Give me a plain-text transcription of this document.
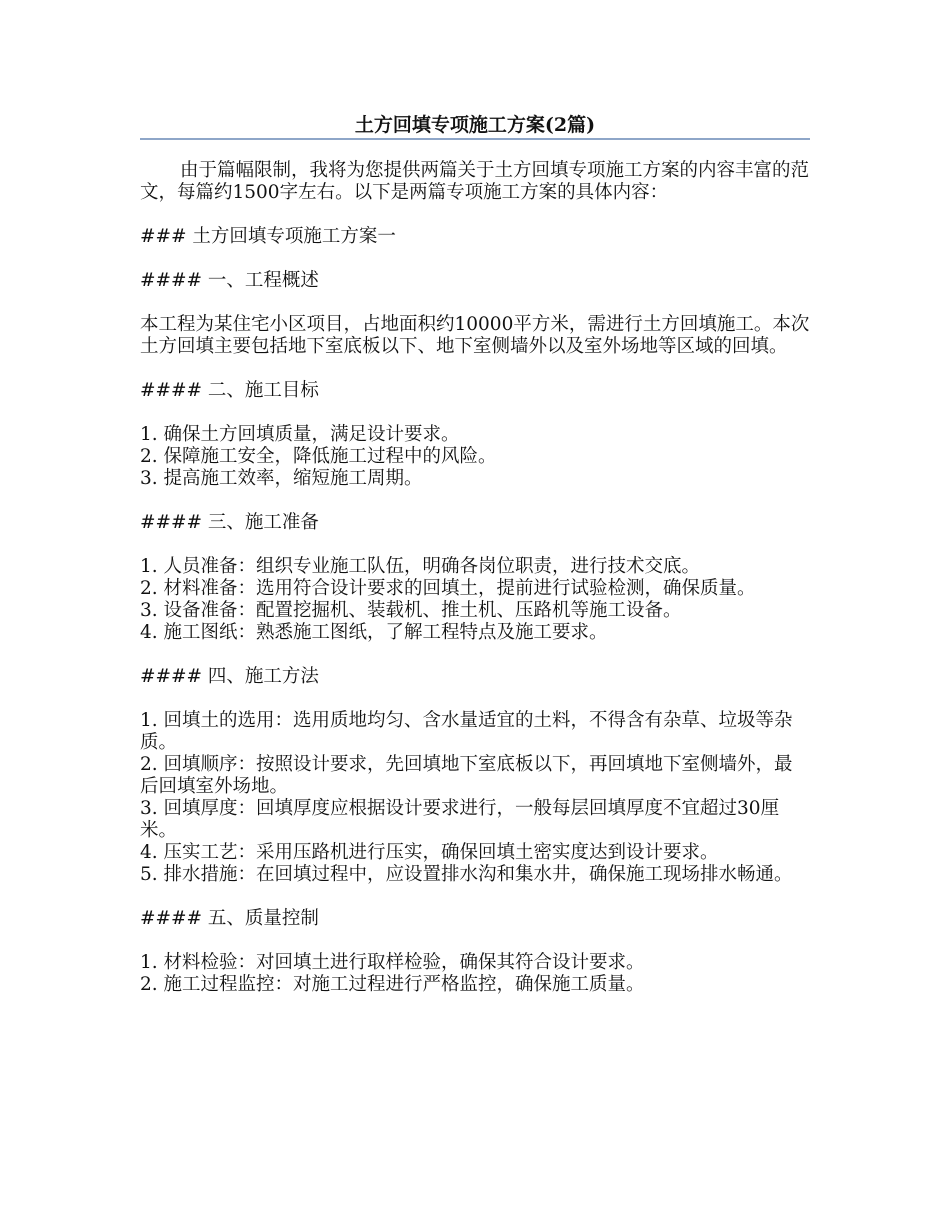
土方回填专项施工方案(2篇)

由于篇幅限制，我将为您提供两篇关于土方回填专项施工方案的内容丰富的范文，每篇约1500字左右。以下是两篇专项施工方案的具体内容：

### 土方回填专项施工方案一

#### 一、工程概述

本工程为某住宅小区项目，占地面积约10000平方米，需进行土方回填施工。本次土方回填主要包括地下室底板以下、地下室侧墙外以及室外场地等区域的回填。

#### 二、施工目标

1. 确保土方回填质量，满足设计要求。
2. 保障施工安全，降低施工过程中的风险。
3. 提高施工效率，缩短施工周期。

#### 三、施工准备

1. 人员准备：组织专业施工队伍，明确各岗位职责，进行技术交底。
2. 材料准备：选用符合设计要求的回填土，提前进行试验检测，确保质量。
3. 设备准备：配置挖掘机、装载机、推土机、压路机等施工设备。
4. 施工图纸：熟悉施工图纸，了解工程特点及施工要求。

#### 四、施工方法

1. 回填土的选用：选用质地均匀、含水量适宜的土料，不得含有杂草、垃圾等杂质。
2. 回填顺序：按照设计要求，先回填地下室底板以下，再回填地下室侧墙外，最后回填室外场地。
3. 回填厚度：回填厚度应根据设计要求进行，一般每层回填厚度不宜超过30厘米。
4. 压实工艺：采用压路机进行压实，确保回填土密实度达到设计要求。
5. 排水措施：在回填过程中，应设置排水沟和集水井，确保施工现场排水畅通。

#### 五、质量控制

1. 材料检验：对回填土进行取样检验，确保其符合设计要求。
2. 施工过程监控：对施工过程进行严格监控，确保施工质量。
